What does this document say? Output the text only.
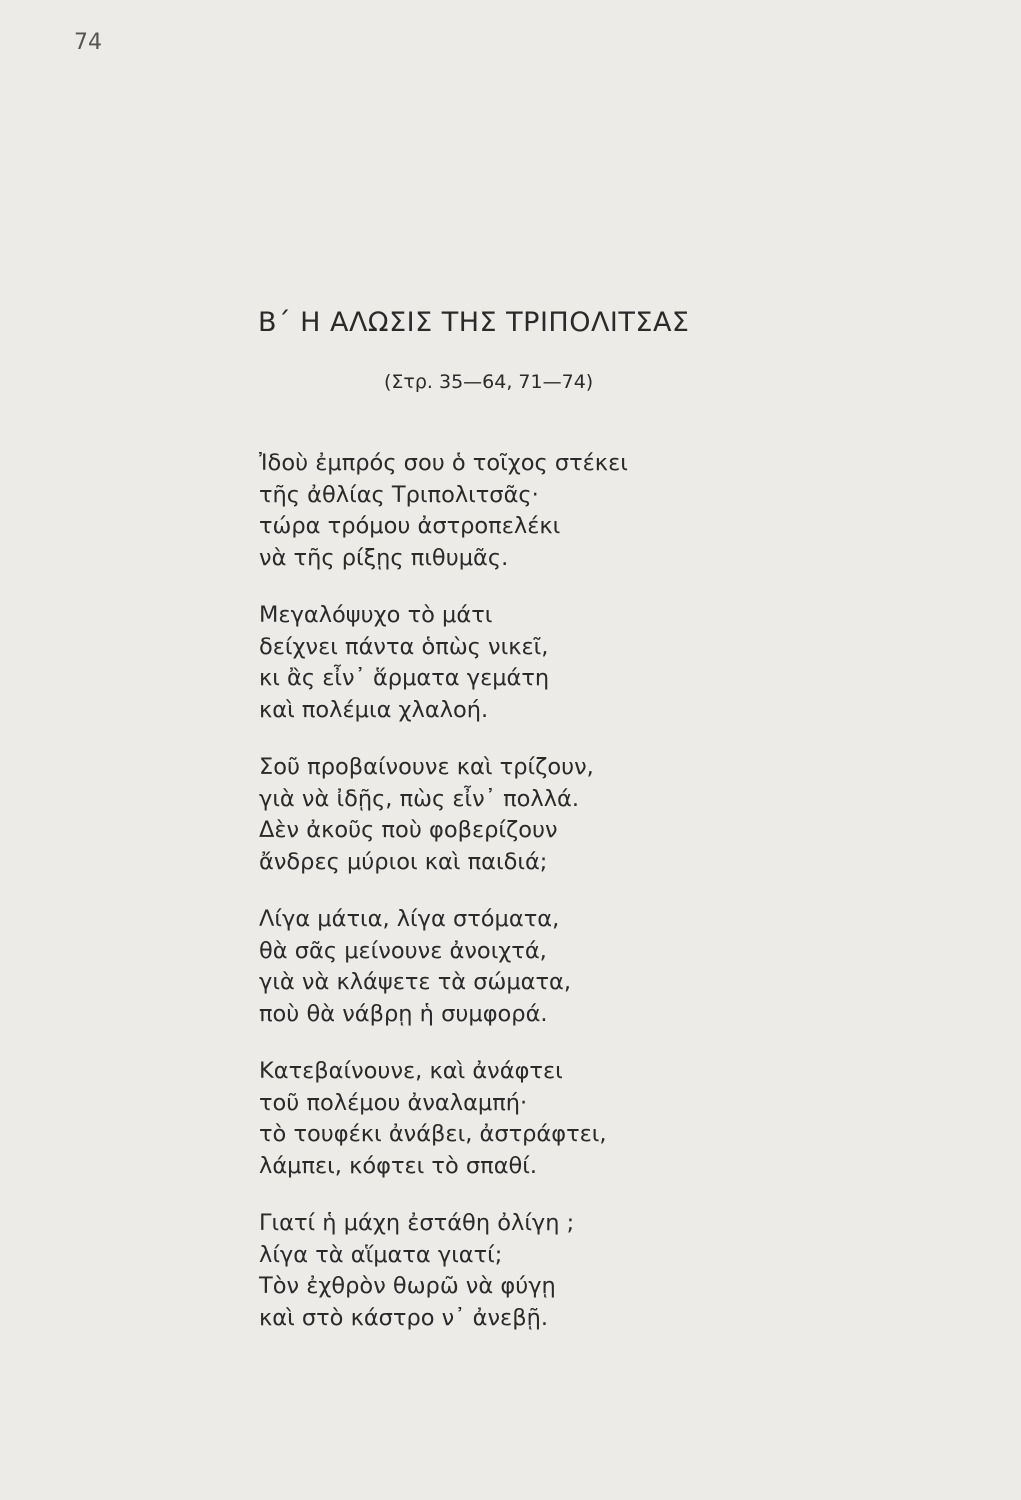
74
Β΄ Η ΑΛΩΣΙΣ ΤΗΣ ΤΡΙΠΟΛΙΤΣΑΣ
(Στρ. 35—64, 71—74)
Ἰδοὺ ἐμπρός σου ὁ τοῖχος στέκει
τῆς ἀθλίας Τριπολιτσᾶς·
τώρα τρόμου ἀστροπελέκι
νὰ τῆς ρίξῃς πιθυμᾶς.
Μεγαλόψυχο τὸ μάτι
δείχνει πάντα ὁπὼς νικεῖ,
κι ἂς εἶν᾽ ἅρματα γεμάτη
καὶ πολέμια χλαλοή.
Σοῦ προβαίνουνε καὶ τρίζουν,
γιὰ νὰ ἰδῇς, πὼς εἶν᾽ πολλά.
Δὲν ἀκοῦς ποὺ φοβερίζουν
ἄνδρες μύριοι καὶ παιδιά;
Λίγα μάτια, λίγα στόματα,
θὰ σᾶς μείνουνε ἀνοιχτά,
γιὰ νὰ κλάψετε τὰ σώματα,
ποὺ θὰ νάβρῃ ἡ συμφορά.
Κατεβαίνουνε, καὶ ἀνάφτει
τοῦ πολέμου ἀναλαμπή·
τὸ τουφέκι ἀνάβει, ἀστράφτει,
λάμπει, κόφτει τὸ σπαθί.
Γιατί ἡ μάχη ἐστάθη ὀλίγη ;
λίγα τὰ αἵματα γιατί;
Τὸν ἐχθρὸν θωρῶ νὰ φύγῃ
καὶ στὸ κάστρο ν᾽ ἀνεβῇ.
